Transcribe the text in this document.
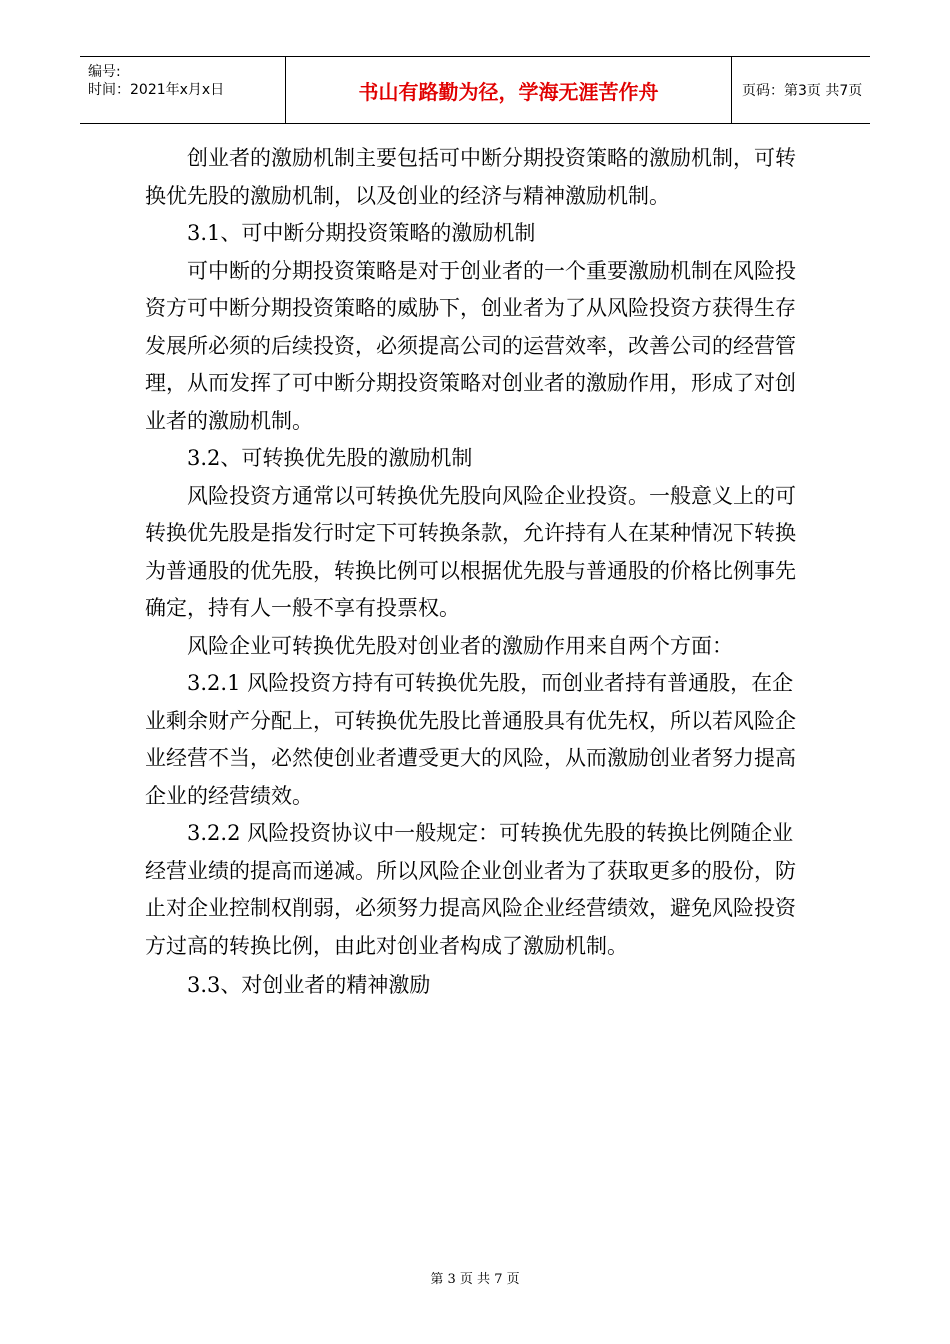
编号:
时间：2021年x月x日	书山有路勤为径，学海无涯苦作舟	页码：第3页 共7页

创业者的激励机制主要包括可中断分期投资策略的激励机制，可转换优先股的激励机制，以及创业的经济与精神激励机制。

3.1、可中断分期投资策略的激励机制

可中断的分期投资策略是对于创业者的一个重要激励机制在风险投资方可中断分期投资策略的威胁下，创业者为了从风险投资方获得生存发展所必须的后续投资，必须提高公司的运营效率，改善公司的经营管理，从而发挥了可中断分期投资策略对创业者的激励作用，形成了对创业者的激励机制。

3.2、可转换优先股的激励机制

风险投资方通常以可转换优先股向风险企业投资。一般意义上的可转换优先股是指发行时定下可转换条款，允许持有人在某种情况下转换为普通股的优先股，转换比例可以根据优先股与普通股的价格比例事先确定，持有人一般不享有投票权。

风险企业可转换优先股对创业者的激励作用来自两个方面：

3.2.1 风险投资方持有可转换优先股，而创业者持有普通股，在企业剩余财产分配上，可转换优先股比普通股具有优先权，所以若风险企业经营不当，必然使创业者遭受更大的风险，从而激励创业者努力提高企业的经营绩效。

3.2.2 风险投资协议中一般规定：可转换优先股的转换比例随企业经营业绩的提高而递减。所以风险企业创业者为了获取更多的股份，防止对企业控制权削弱，必须努力提高风险企业经营绩效，避免风险投资方过高的转换比例，由此对创业者构成了激励机制。

3.3、对创业者的精神激励

第 3 页 共 7 页
